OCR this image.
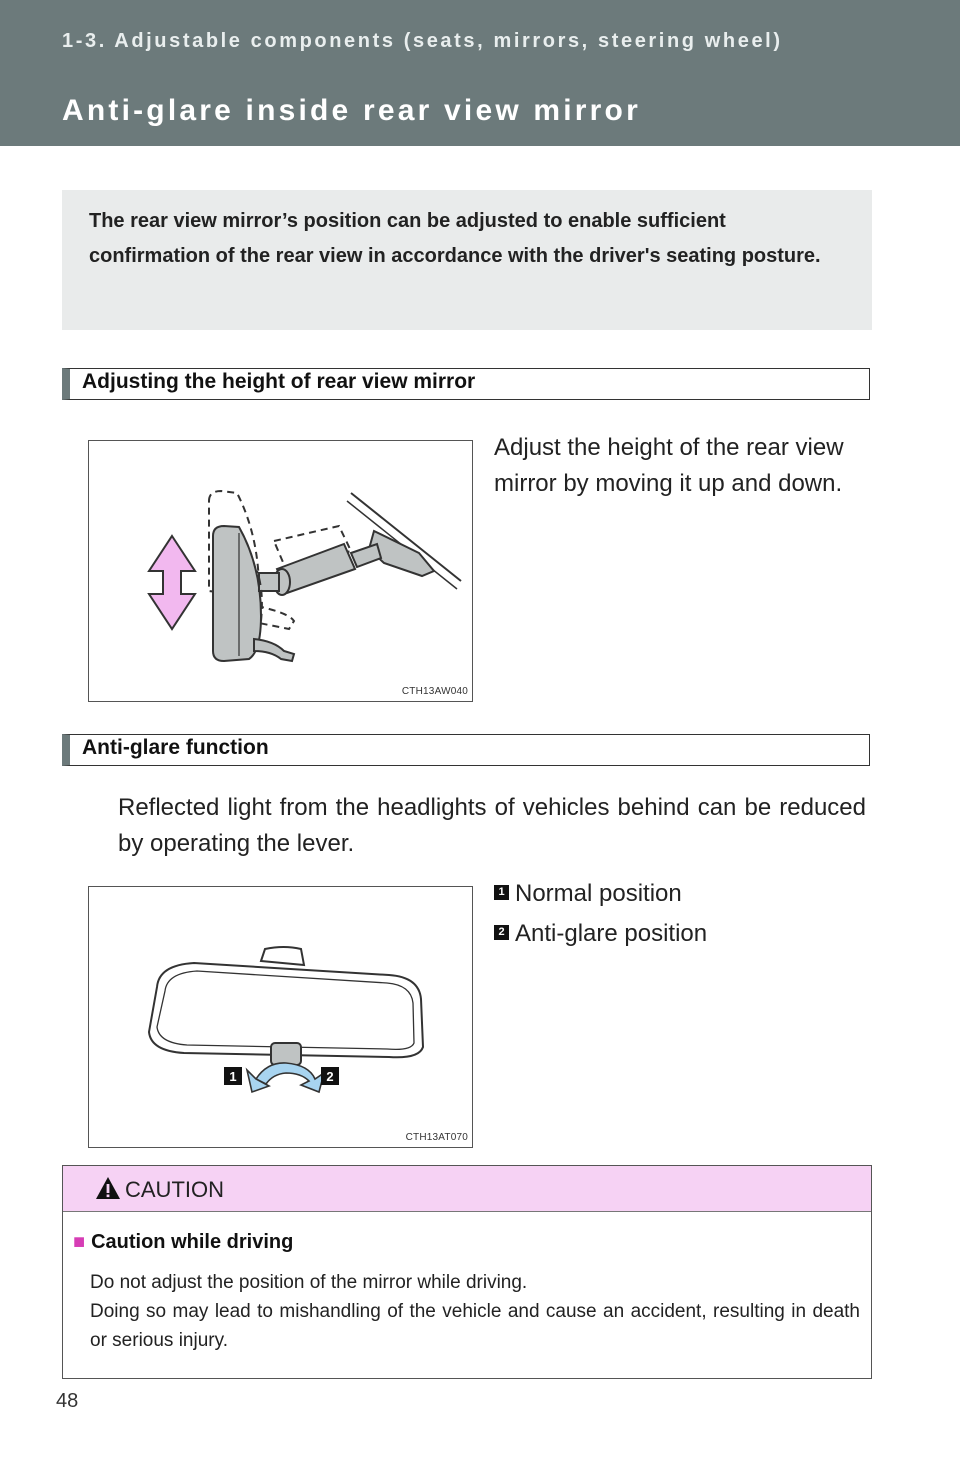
1-3. Adjustable components (seats, mirrors, steering wheel)
Anti-glare inside rear view mirror
The rear view mirror’s position can be adjusted to enable sufficient confirmation of the rear view in accordance with the driver's seating posture.
Adjusting the height of rear view mirror
CTH13AW040
Adjust the height of the rear view mirror by moving it up and down.
Anti-glare function
Reflected light from the headlights of vehicles behind can be reduced by operating the lever.
1	2
CTH13AT070
1 Normal position
2 Anti-glare position
CAUTION
■ Caution while driving
Do not adjust the position of the mirror while driving.
Doing so may lead to mishandling of the vehicle and cause an accident, resulting in death or serious injury.
48
